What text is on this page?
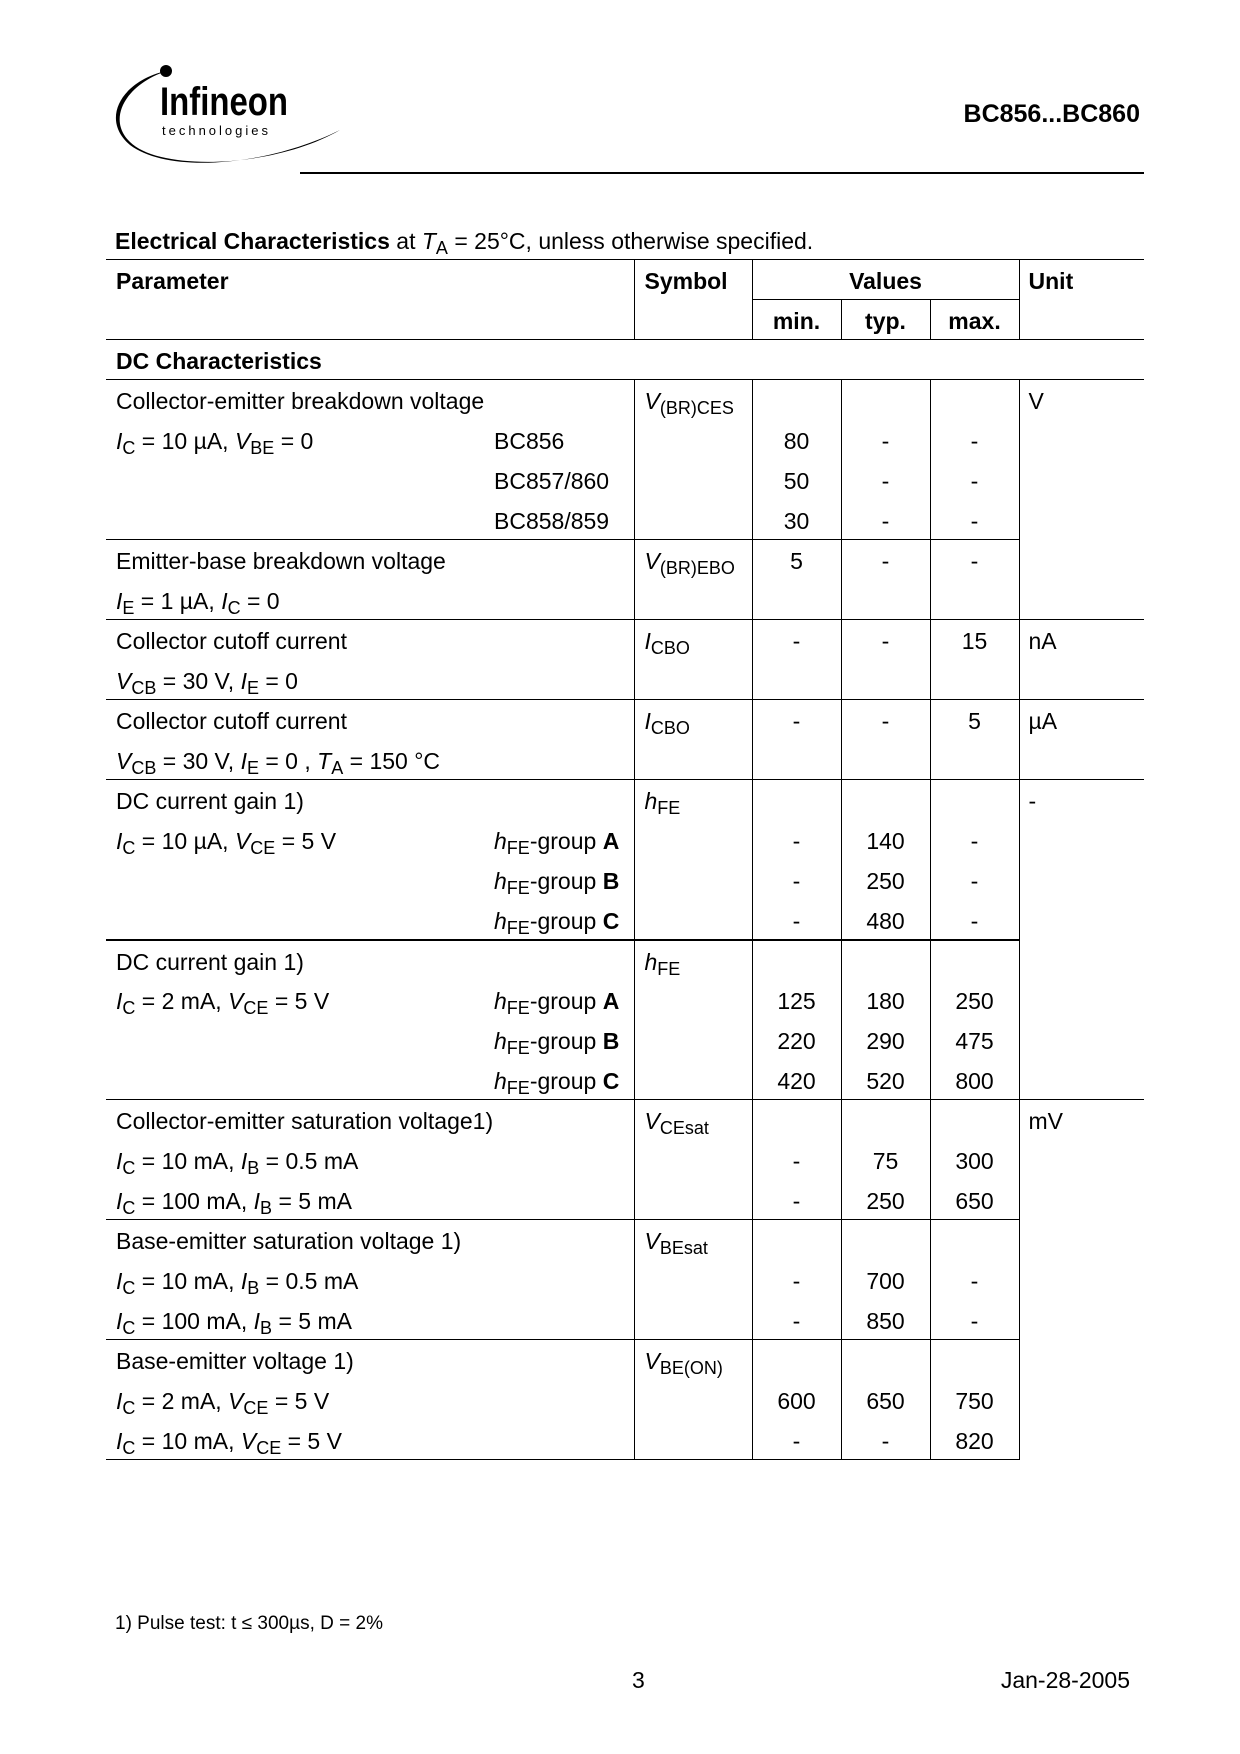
Infineon
technologies
BC856...BC860
Electrical Characteristics at $T_A = 25^\circ C$, unless otherwise specified.
Parameter		Symbol	Values			Unit
			min.	typ.	max.	
DC Characteristics						
Collector-emitter breakdown voltage		$V_{(BR)CES}$				V
$I_C = 10$ µA, $V_{BE} = 0$	BC856		80	-	-	
	BC857/860		50	-	-	
	BC858/859		30	-	-	
Emitter-base breakdown voltage		$V_{(BR)EBO}$	5	-	-	
$I_E = 1$ µA, $I_C = 0$						
Collector cutoff current		$I_{CBO}$	-	-	15	nA
$V_{CB} = 30$ V, $I_E = 0$						
Collector cutoff current		$I_{CBO}$	-	-	5	µA
$V_{CB} = 30$ V, $I_E = 0$ , $T_A = 150$ °C						
DC current gain 1)		$h_{FE}$				-
$I_C = 10$ µA, $V_{CE} = 5$ V	$h_{FE}$-group A		-	140	-	
	$h_{FE}$-group B		-	250	-	
	$h_{FE}$-group C		-	480	-	
DC current gain 1)		$h_{FE}$			
$I_C = 2$ mA, $V_{CE} = 5$ V	$h_{FE}$-group A		125	180	250	
	$h_{FE}$-group B		220	290	475	
	$h_{FE}$-group C		420	520	800	
Collector-emitter saturation voltage1)		$V_{CEsat}$				mV
$I_C = 10$ mA, $I_B = 0.5$ mA			-	75	300	
$I_C = 100$ mA, $I_B = 5$ mA			-	250	650	
Base-emitter saturation voltage 1)		$V_{BEsat}$			
$I_C = 10$ mA, $I_B = 0.5$ mA			-	700	-	
$I_C = 100$ mA, $I_B = 5$ mA			-	850	-	
Base-emitter voltage 1)		$V_{BE(ON)}$			
$I_C = 2$ mA, $V_{CE} = 5$ V			600	650	750	
$I_C = 10$ mA, $V_{CE} = 5$ V			-	-	820	
1) Pulse test: t ≤ 300µs, D = 2%
3	Jan-28-2005
